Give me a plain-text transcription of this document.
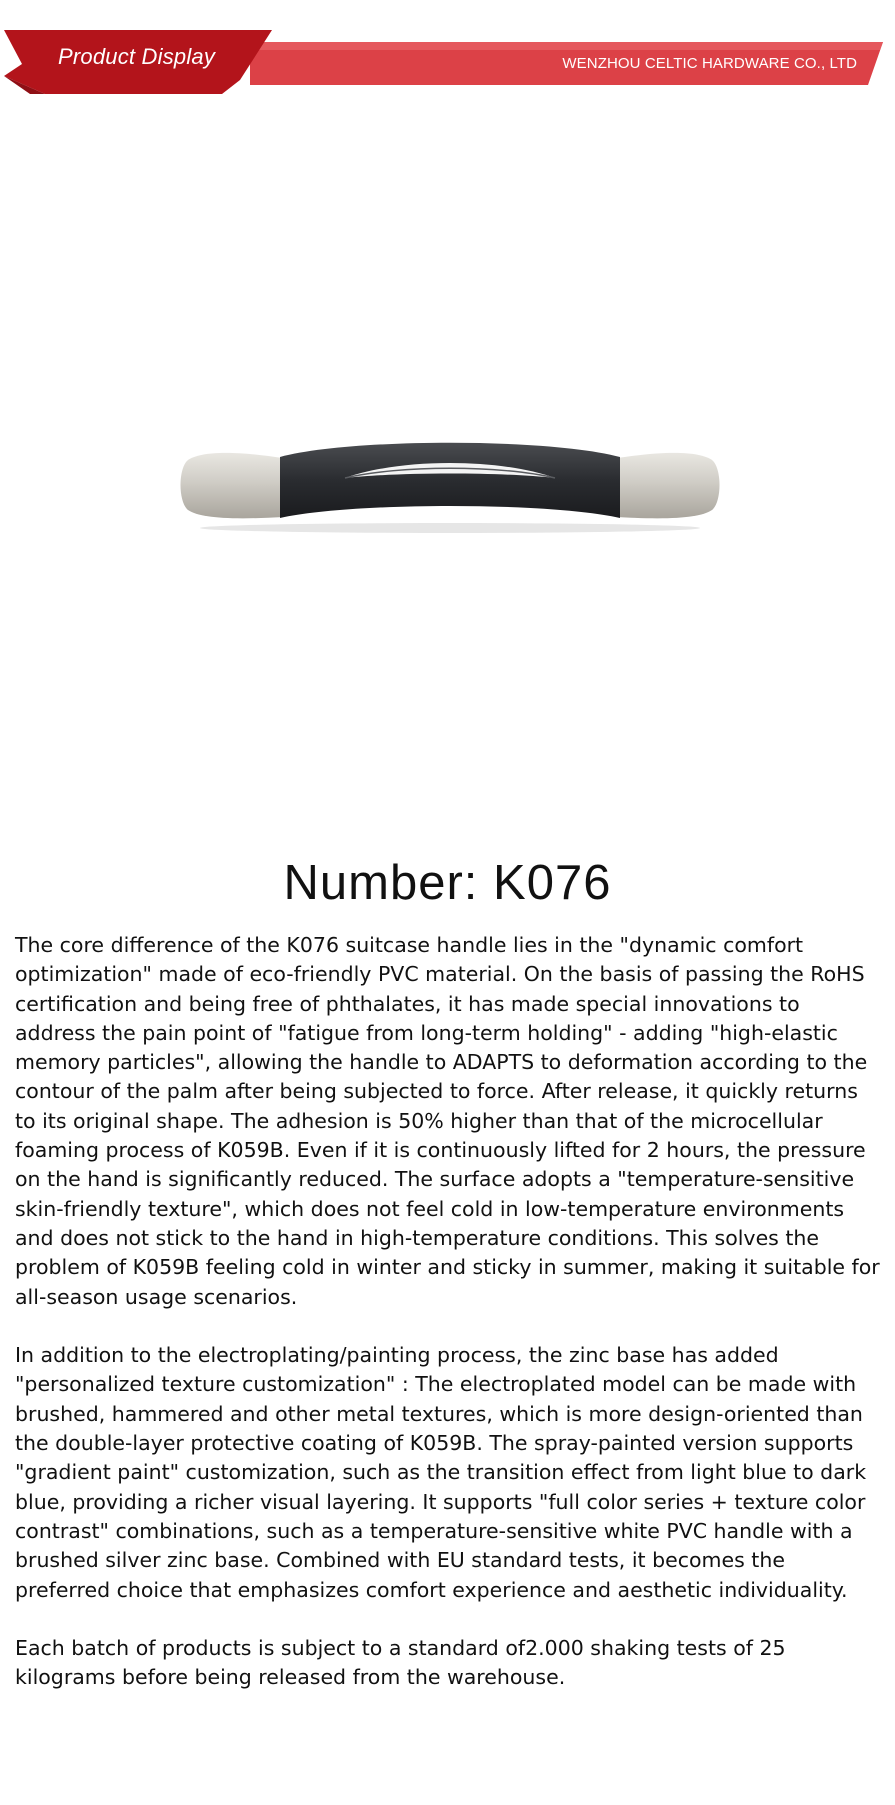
Product Display	WENZHOU CELTIC HARDWARE CO., LTD
Number: K076

The core difference of the K076 suitcase handle lies in the "dynamic comfort optimization" made of eco-friendly PVC material. On the basis of passing the RoHS certification and being free of phthalates, it has made special innovations to address the pain point of "fatigue from long-term holding" - adding "high-elastic memory particles", allowing the handle to ADAPTS to deformation according to the contour of the palm after being subjected to force. After release, it quickly returns to its original shape. The adhesion is 50% higher than that of the microcellular foaming process of K059B. Even if it is continuously lifted for 2 hours, the pressure on the hand is significantly reduced. The surface adopts a "temperature-sensitive skin-friendly texture", which does not feel cold in low-temperature environments and does not stick to the hand in high-temperature conditions. This solves the problem of K059B feeling cold in winter and sticky in summer, making it suitable for all-season usage scenarios.

In addition to the electroplating/painting process, the zinc base has added "personalized texture customization" : The electroplated model can be made with brushed, hammered and other metal textures, which is more design-oriented than the double-layer protective coating of K059B. The spray-painted version supports "gradient paint" customization, such as the transition effect from light blue to dark blue, providing a richer visual layering. It supports "full color series + texture color contrast" combinations, such as a temperature-sensitive white PVC handle with a brushed silver zinc base. Combined with EU standard tests, it becomes the preferred choice that emphasizes comfort experience and aesthetic individuality.

Each batch of products is subject to a standard of2.000 shaking tests of 25 kilograms before being released from the warehouse.
